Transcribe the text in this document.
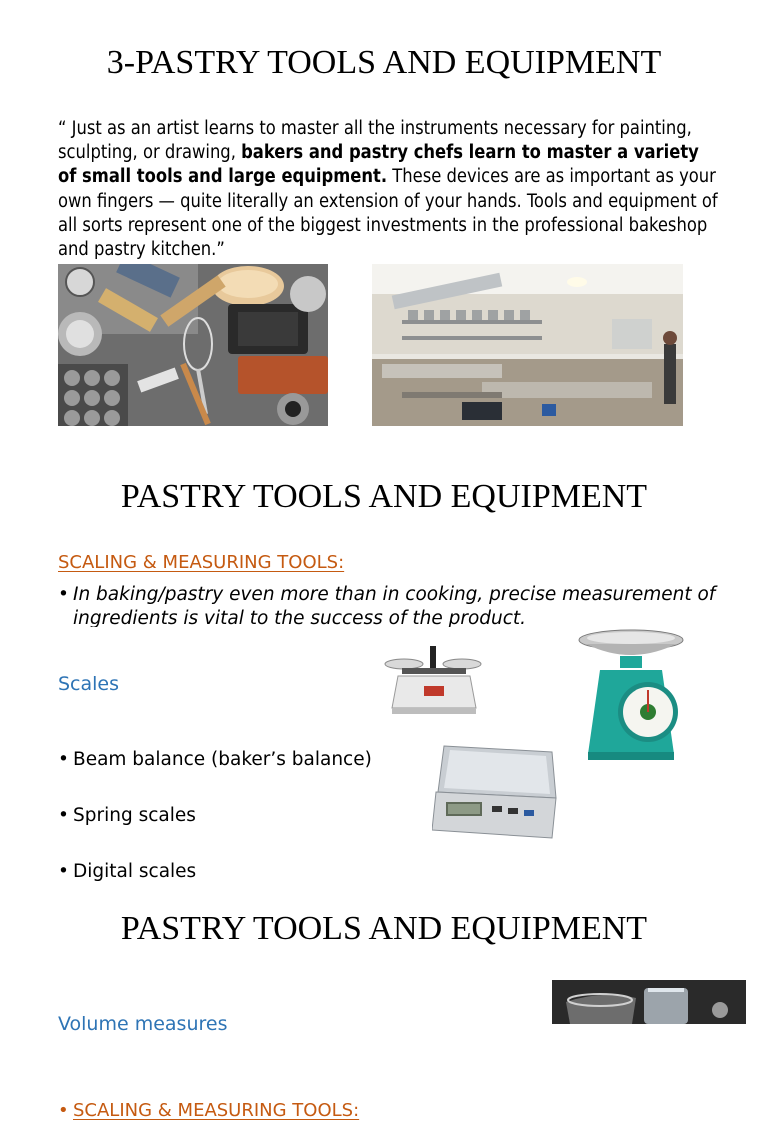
3-PASTRY TOOLS AND EQUIPMENT
“ Just as an artist learns to master all the instruments necessary for painting, sculpting, or drawing, bakers and pastry chefs learn to master a variety of small tools and large equipment. These devices are as important as your own fingers — quite literally an extension of your hands. Tools and equipment of all sorts represent one of the biggest investments in the professional bakeshop and pastry kitchen.”
PASTRY TOOLS AND EQUIPMENT
SCALING & MEASURING TOOLS:
• In baking/pastry even more than in cooking, precise measurement of ingredients is vital to the success of the product.
Scales
• Beam balance (baker’s balance)
• Spring scales
• Digital scales
PASTRY TOOLS AND EQUIPMENT
• SCALING & MEASURING TOOLS:
Volume measures
